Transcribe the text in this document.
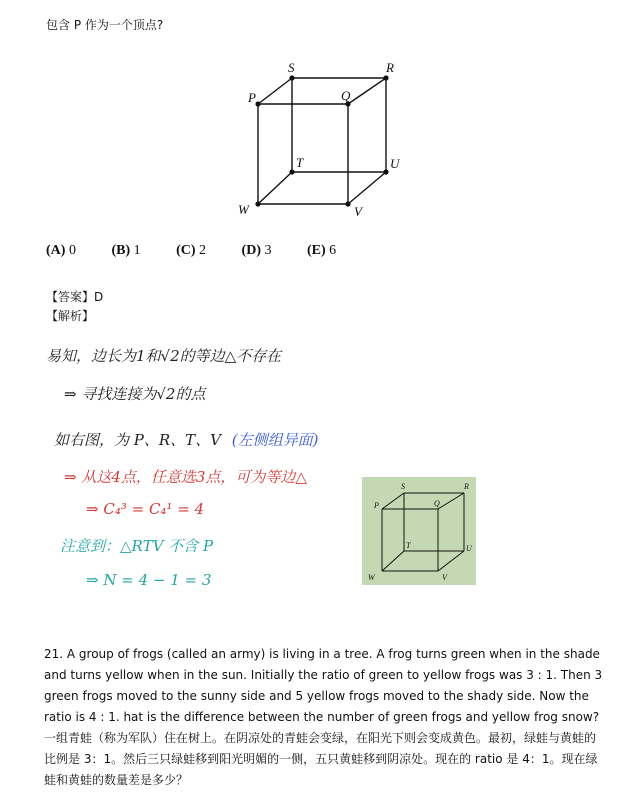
包含 P 作为一个顶点?
S	R
P	Q
T	U
W	V
(A) 0	(B) 1	(C) 2	(D) 3	(E) 6
【答案】D
【解析】
易知，边长为1和√2的等边△不存在
⇒ 寻找连接为√2的点
如右图，为 P、R、T、V (左侧组异面)
⇒ 从这4点，任意选3点，可为等边△
⇒ C₄³ = C₄¹ = 4
注意到：△RTV 不含 P
⇒ N = 4 − 1 = 3
S	R
P	Q
T	U
W	V
21. A group of frogs (called an army) is living in a tree. A frog turns green when in the shade and turns yellow when in the sun. Initially the ratio of green to yellow frogs was 3 : 1. Then 3 green frogs moved to the sunny side and 5 yellow frogs moved to the shady side. Now the ratio is 4 : 1. hat is the difference between the number of green frogs and yellow frog snow?一组青蛙（称为军队）住在树上。在阴凉处的青蛙会变绿，在阳光下则会变成黄色。最初，绿蛙与黄蛙的比例是 3：1。然后三只绿蛙移到阳光明媚的一侧，五只黄蛙移到阴凉处。现在的 ratio 是 4：1。现在绿蛙和黄蛙的数量差是多少？
